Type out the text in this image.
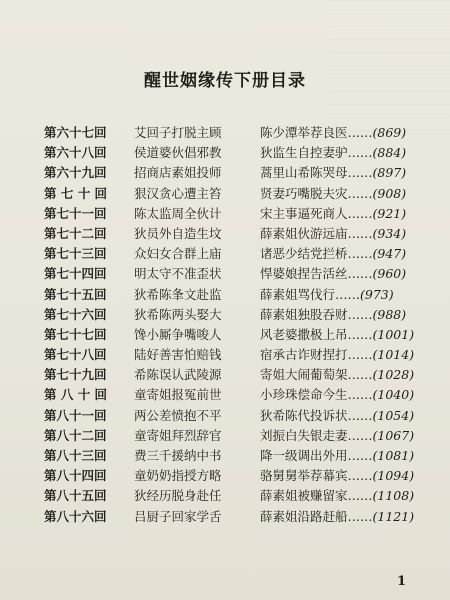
醒世姻缘传下册目录
第六十七回	艾回子打脱主顾	陈少潭举荐良医 …… (869)
第六十八回	侯道婆伙倡邪教	狄监生自控妻驴 …… (884)
第六十九回	招商店素姐投师	蒿里山希陈哭母 …… (897)
第 七 十 回	狠汉贪心遭主笞	贤妻巧嘴脱夫灾 …… (908)
第七十一回	陈太监周全伙计	宋主事逼死商人 …… (921)
第七十二回	狄员外自造生坟	薛素姐伙游远庙 …… (934)
第七十三回	众妇女合群上庙	诸恶少结党拦桥 …… (947)
第七十四回	明太守不准歪状	悍婆娘捏告活丝 …… (960)
第七十五回	狄希陈夆文赴监	薛素姐骂伐行 …… (973)
第七十六回	狄希陈两头娶大	薛素姐独股吞财 …… (988)
第七十七回	馋小厮争嘴唆人	风老婆撒极上吊 …… (1001)
第七十八回	陆好善害怕赔钱	宿承古诈财捏打 …… (1014)
第七十九回	希陈误认武陵源	寄姐大闹葡萄架 …… (1028)
第 八 十 回	童寄姐报冤前世	小珍珠偿命今生 …… (1040)
第八十一回	两公差愤抱不平	狄希陈代投诉状 …… (1054)
第八十二回	童寄姐拜烈辞官	刘振白失银走妻 …… (1067)
第八十三回	费三千援纳中书	降一级调出外用 …… (1081)
第八十四回	童奶奶指授方略	骆舅舅举荐幕宾 …… (1094)
第八十五回	狄经历脱身赴任	薛素姐被赚留家 …… (1108)
第八十六回	吕厨子回家学舌	薛素姐沿路赶船 …… (1121)
1
